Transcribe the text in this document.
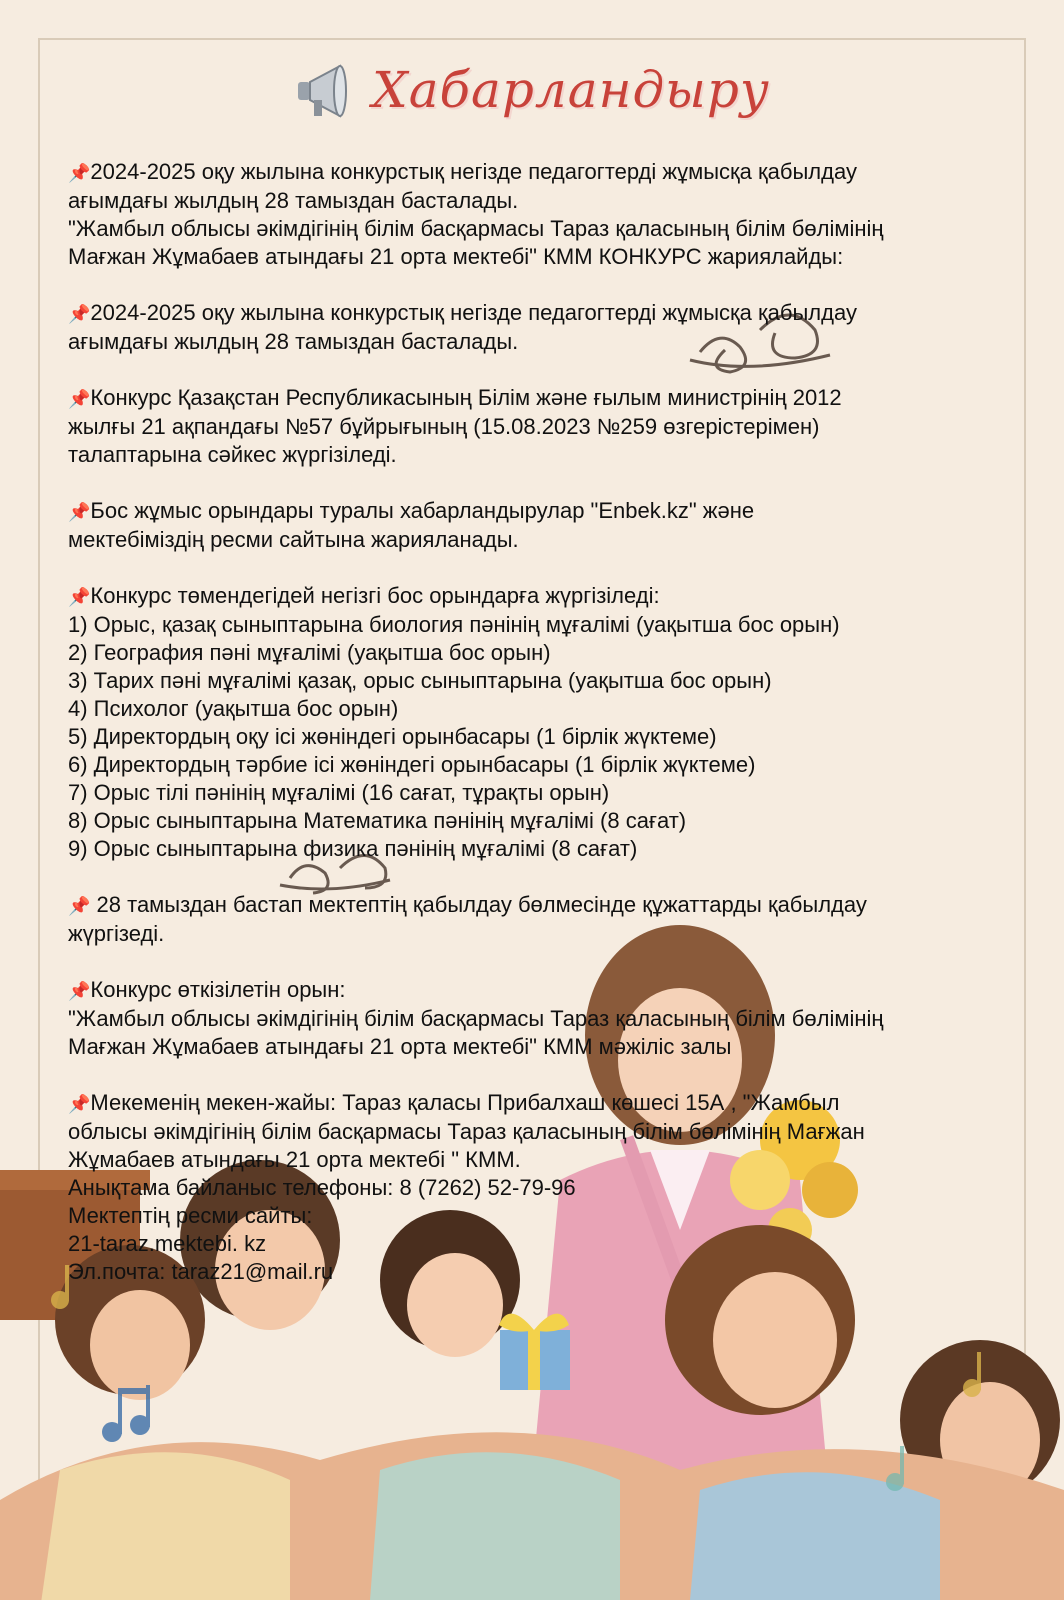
Хабарландыру

📌2024-2025 оқу жылына конкурстық негізде педагогтерді жұмысқа қабылдау
ағымдағы жылдың 28 тамыздан басталады.
"Жамбыл облысы әкімдігінің білім басқармасы Тараз қаласының білім бөлімінің
Мағжан Жұмабаев атындағы 21 орта мектебі" КММ КОНКУРС жариялайды:

📌2024-2025 оқу жылына конкурстық негізде педагогтерді жұмысқа қабылдау
ағымдағы жылдың 28 тамыздан басталады.

📌Конкурс Қазақстан Республикасының Білім және ғылым министрінің 2012
жылғы 21 ақпандағы №57 бұйрығының (15.08.2023 №259 өзгерістерімен)
талаптарына сәйкес жүргізіледі.

📌Бос жұмыс орындары туралы хабарландырулар "Enbek.kz" және
мектебіміздің ресми сайтына жарияланады.

📌Конкурс төмендегідей негізгі бос орындарға жүргізіледі:
1) Орыс, қазақ сыныптарына биология пәнінің мұғалімі (уақытша бос орын)
2) География пәні мұғалімі (уақытша бос орын)
3) Тарих пәні мұғалімі қазақ, орыс сыныптарына (уақытша бос орын)
4) Психолог (уақытша бос орын)
5) Директордың оқу ісі жөніндегі орынбасары (1 бірлік жүктеме)
6) Директордың тәрбие ісі жөніндегі орынбасары (1 бірлік жүктеме)
7) Орыс тілі пәнінің мұғалімі (16 сағат, тұрақты орын)
8) Орыс сыныптарына Математика пәнінің мұғалімі (8 сағат)
9) Орыс сыныптарына физика пәнінің мұғалімі (8 сағат)

📌 28 тамыздан бастап мектептің қабылдау бөлмесінде құжаттарды қабылдау
жүргізеді.

📌Конкурс өткізілетін орын:
"Жамбыл облысы әкімдігінің білім басқармасы Тараз қаласының білім бөлімінің
Мағжан Жұмабаев атындағы 21 орта мектебі" КММ мәжіліс залы

📌Мекеменің мекен-жайы: Тараз қаласы Прибалхаш көшесі 15А , "Жамбыл
облысы әкімдігінің білім басқармасы Тараз қаласының білім бөлімінің Мағжан
Жұмабаев атындағы 21 орта мектебі " КММ.
Анықтама байланыс телефоны: 8 (7262) 52-79-96
Мектептің ресми сайты:
21-taraz.mektebi. kz
Эл.почта: taraz21@mail.ru
